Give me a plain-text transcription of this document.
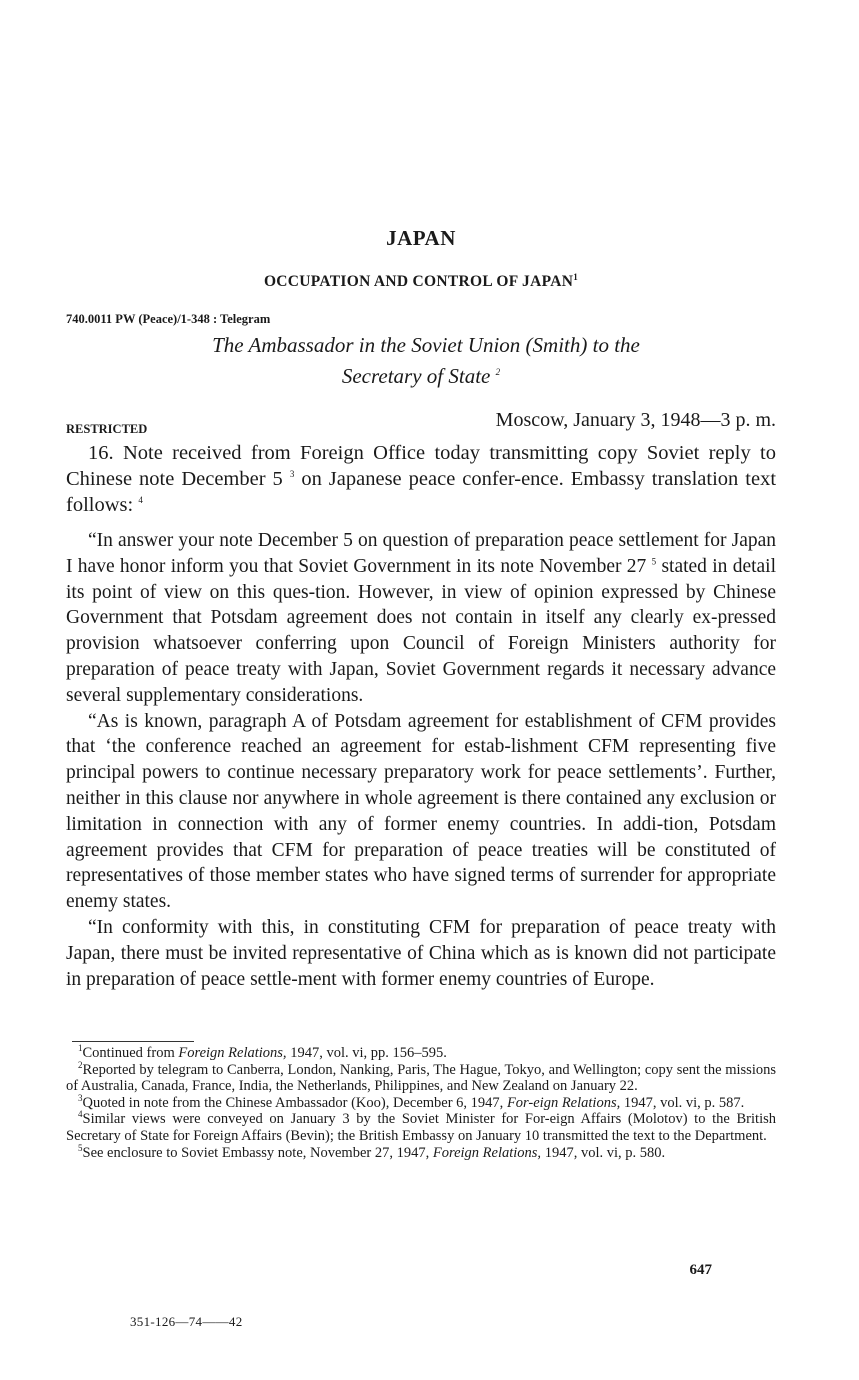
JAPAN
OCCUPATION AND CONTROL OF JAPAN$^1$
740.0011 PW (Peace)/1-348 : Telegram
The Ambassador in the Soviet Union (Smith) to the
Secretary of State $^2$
RESTRICTED	Moscow, January 3, 1948—3 p. m.

16. Note received from Foreign Office today transmitting copy Soviet reply to Chinese note December 5 $^3$ on Japanese peace confer-ence. Embassy translation text follows: $^4$

“In answer your note December 5 on question of preparation peace settlement for Japan I have honor inform you that Soviet Government in its note November 27 $^5$ stated in detail its point of view on this ques-tion. However, in view of opinion expressed by Chinese Government that Potsdam agreement does not contain in itself any clearly ex-pressed provision whatsoever conferring upon Council of Foreign Ministers authority for preparation of peace treaty with Japan, Soviet Government regards it necessary advance several supplementary considerations.

“As is known, paragraph A of Potsdam agreement for establishment of CFM provides that ‘the conference reached an agreement for estab-lishment CFM representing five principal powers to continue necessary preparatory work for peace settlements’. Further, neither in this clause nor anywhere in whole agreement is there contained any exclusion or limitation in connection with any of former enemy countries. In addi-tion, Potsdam agreement provides that CFM for preparation of peace treaties will be constituted of representatives of those member states who have signed terms of surrender for appropriate enemy states.

“In conformity with this, in constituting CFM for preparation of peace treaty with Japan, there must be invited representative of China which as is known did not participate in preparation of peace settle-ment with former enemy countries of Europe.

$^1$Continued from Foreign Relations, 1947, vol. vi, pp. 156–595.

$^2$Reported by telegram to Canberra, London, Nanking, Paris, The Hague, Tokyo, and Wellington; copy sent the missions of Australia, Canada, France, India, the Netherlands, Philippines, and New Zealand on January 22.

$^3$Quoted in note from the Chinese Ambassador (Koo), December 6, 1947, For-eign Relations, 1947, vol. vi, p. 587.

$^4$Similar views were conveyed on January 3 by the Soviet Minister for For-eign Affairs (Molotov) to the British Secretary of State for Foreign Affairs (Bevin); the British Embassy on January 10 transmitted the text to the Department.

$^5$See enclosure to Soviet Embassy note, November 27, 1947, Foreign Relations, 1947, vol. vi, p. 580.

647
351-126—74——42
